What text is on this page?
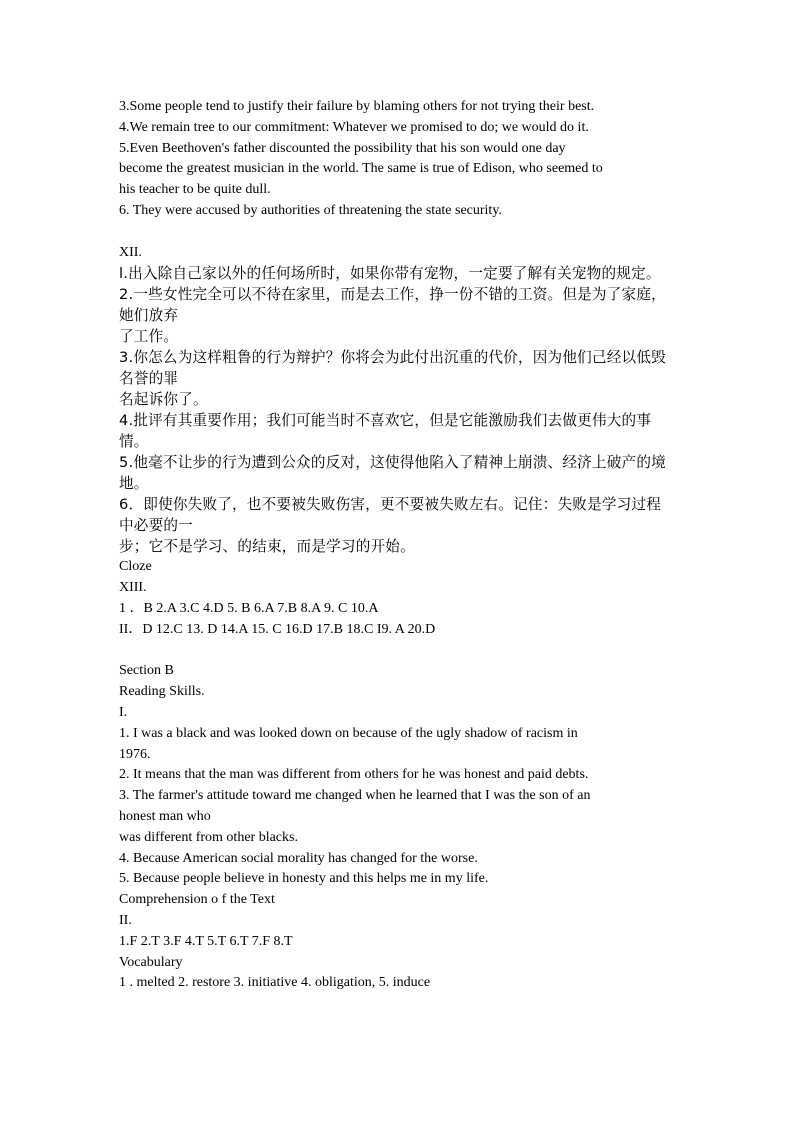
3.Some people tend to justify their failure by blaming others for not trying their best.
4.We remain tree to our commitment: Whatever we promised to do; we would do it.
5.Even Beethoven's father discounted the possibility that his son would one day
become the greatest musician in the world. The same is true of Edison, who seemed to
his teacher to be quite dull.
6. They were accused by authorities of threatening the state security.
XII.
l.出入除自己家以外的任何场所时，如果你带有宠物，一定要了解有关宠物的规定。
2.一些女性完全可以不待在家里，而是去工作，挣一份不错的工资。但是为了家庭，她们放弃
了工作。
3.你怎么为这样粗鲁的行为辩护？你将会为此付出沉重的代价，因为他们己经以低毁名誉的罪
名起诉你了。
4.批评有其重要作用；我们可能当时不喜欢它，但是它能激励我们去做更伟大的事情。
5.他毫不让步的行为遭到公众的反对，这使得他陷入了精神上崩溃、经济上破产的境地。
6．即使你失败了，也不要被失败伤害，更不要被失败左右。记住：失败是学习过程中必要的一
步；它不是学习、的结束，而是学习的开始。
Cloze
XIII.
1 ．B 2.A 3.C 4.D 5. B 6.A 7.B 8.A 9. C 10.A
II．D 12.C 13. D 14.A 15. C 16.D 17.B 18.C I9. A 20.D
Section B
Reading Skills.
I.
1. I was a black and was looked down on because of the ugly shadow of racism in
1976.
2. It means that the man was different from others for he was honest and paid debts.
3. The farmer's attitude toward me changed when he learned that I was the son of an
honest man who
was different from other blacks.
4. Because American social morality has changed for the worse.
5. Because people believe in honesty and this helps me in my life.
Comprehension o f the Text
II.
1.F 2.T 3.F 4.T 5.T 6.T 7.F 8.T
Vocabulary
1 . melted 2. restore 3. initiative 4. obligation, 5. induce
